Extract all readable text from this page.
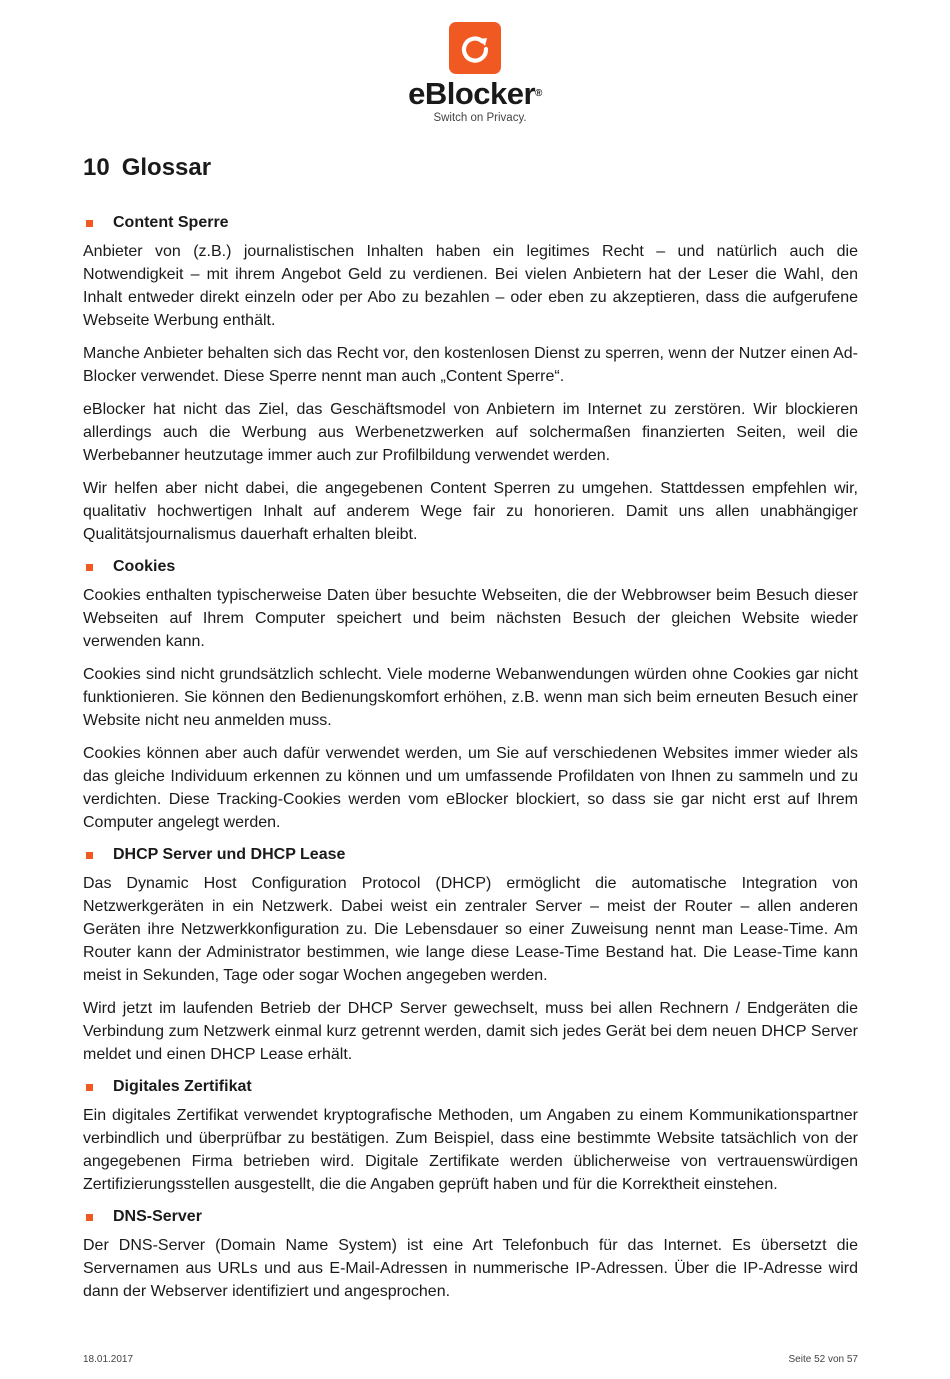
eBlocker®
Switch on Privacy.
10 Glossar
Content Sperre

Anbieter von (z.B.) journalistischen Inhalten haben ein legitimes Recht – und natürlich auch die Notwendigkeit – mit ihrem Angebot Geld zu verdienen. Bei vielen Anbietern hat der Leser die Wahl, den Inhalt entweder direkt einzeln oder per Abo zu bezahlen – oder eben zu akzeptieren, dass die aufgerufene Webseite Werbung enthält.

Manche Anbieter behalten sich das Recht vor, den kostenlosen Dienst zu sperren, wenn der Nutzer einen Ad-Blocker verwendet. Diese Sperre nennt man auch „Content Sperre“.

eBlocker hat nicht das Ziel, das Geschäftsmodel von Anbietern im Internet zu zerstören. Wir blockieren allerdings auch die Werbung aus Werbenetzwerken auf solchermaßen finanzierten Seiten, weil die Werbebanner heutzutage immer auch zur Profilbildung verwendet werden.

Wir helfen aber nicht dabei, die angegebenen Content Sperren zu umgehen. Stattdessen empfehlen wir, qualitativ hochwertigen Inhalt auf anderem Wege fair zu honorieren. Damit uns allen unabhängiger Qualitätsjournalismus dauerhaft erhalten bleibt.

Cookies

Cookies enthalten typischerweise Daten über besuchte Webseiten, die der Webbrowser beim Besuch dieser Webseiten auf Ihrem Computer speichert und beim nächsten Besuch der gleichen Website wieder verwenden kann.

Cookies sind nicht grundsätzlich schlecht. Viele moderne Webanwendungen würden ohne Cookies gar nicht funktionieren. Sie können den Bedienungskomfort erhöhen, z.B. wenn man sich beim erneuten Besuch einer Website nicht neu anmelden muss.

Cookies können aber auch dafür verwendet werden, um Sie auf verschiedenen Websites immer wieder als das gleiche Individuum erkennen zu können und um umfassende Profildaten von Ihnen zu sammeln und zu verdichten. Diese Tracking-Cookies werden vom eBlocker blockiert, so dass sie gar nicht erst auf Ihrem Computer angelegt werden.

DHCP Server und DHCP Lease

Das Dynamic Host Configuration Protocol (DHCP) ermöglicht die automatische Integration von Netzwerkgeräten in ein Netzwerk. Dabei weist ein zentraler Server – meist der Router – allen anderen Geräten ihre Netzwerkkonfiguration zu. Die Lebensdauer so einer Zuweisung nennt man Lease-Time. Am Router kann der Administrator bestimmen, wie lange diese Lease-Time Bestand hat. Die Lease-Time kann meist in Sekunden, Tage oder sogar Wochen angegeben werden.

Wird jetzt im laufenden Betrieb der DHCP Server gewechselt, muss bei allen Rechnern / Endgeräten die Verbindung zum Netzwerk einmal kurz getrennt werden, damit sich jedes Gerät bei dem neuen DHCP Server meldet und einen DHCP Lease erhält.

Digitales Zertifikat

Ein digitales Zertifikat verwendet kryptografische Methoden, um Angaben zu einem Kommunikationspartner verbindlich und überprüfbar zu bestätigen. Zum Beispiel, dass eine bestimmte Website tatsächlich von der angegebenen Firma betrieben wird. Digitale Zertifikate werden üblicherweise von vertrauenswürdigen Zertifizierungsstellen ausgestellt, die die Angaben geprüft haben und für die Korrektheit einstehen.

DNS-Server

Der DNS-Server (Domain Name System) ist eine Art Telefonbuch für das Internet. Es übersetzt die Servernamen aus URLs und aus E-Mail-Adressen in nummerische IP-Adressen. Über die IP-Adresse wird dann der Webserver identifiziert und angesprochen.

18.01.2017	Seite 52 von 57
